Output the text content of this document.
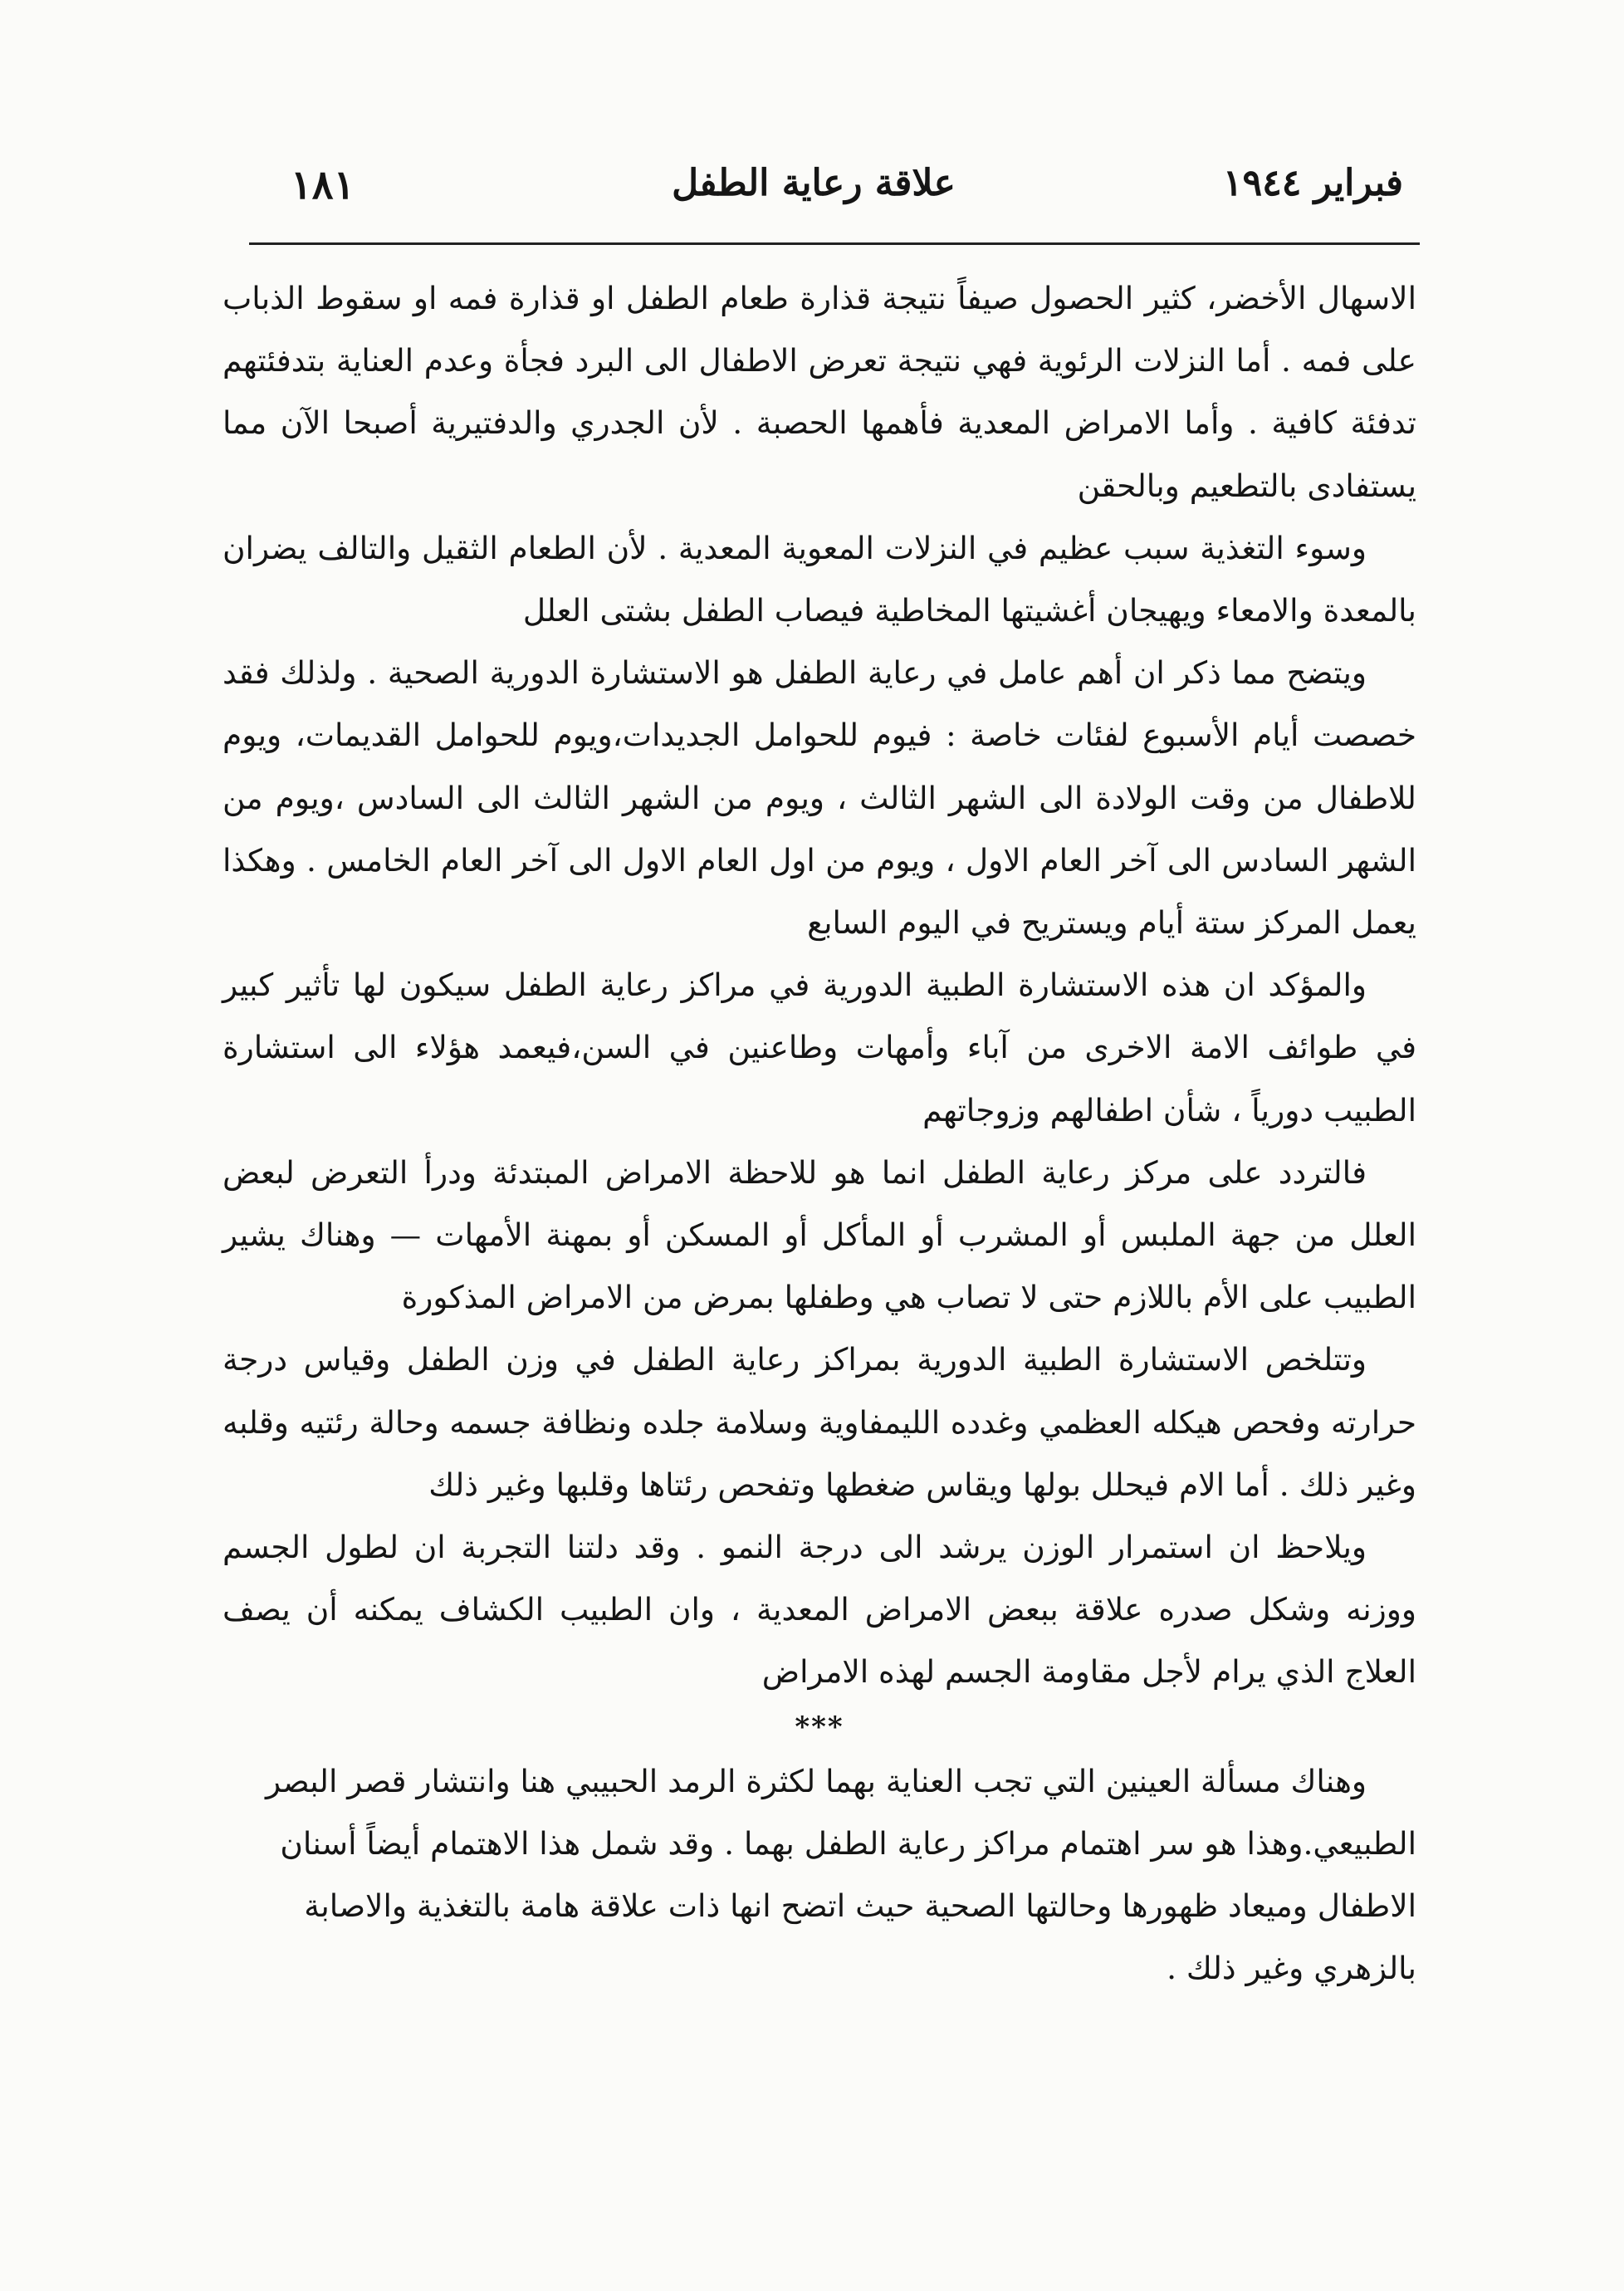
فبراير ١٩٤٤
علاقة رعاية الطفل
١٨١

الاسهال الأخضر، كثير الحصول صيفاً نتيجة قذارة طعام الطفل او قذارة فمه او سقوط الذباب على فمه . أما النزلات الرئوية فهي نتيجة تعرض الاطفال الى البرد فجأة وعدم العناية بتدفئتهم تدفئة كافية . وأما الامراض المعدية فأهمها الحصبة . لأن الجدري والدفتيرية أصبحا الآن مما يستفادى بالتطعيم وبالحقن

وسوء التغذية سبب عظيم في النزلات المعوية المعدية . لأن الطعام الثقيل والتالف يضران بالمعدة والامعاء ويهيجان أغشيتها المخاطية فيصاب الطفل بشتى العلل

ويتضح مما ذكر ان أهم عامل في رعاية الطفل هو الاستشارة الدورية الصحية . ولذلك فقد خصصت أيام الأسبوع لفئات خاصة : فيوم للحوامل الجديدات،ويوم للحوامل القديمات، ويوم للاطفال من وقت الولادة الى الشهر الثالث ، ويوم من الشهر الثالث الى السادس ،ويوم من الشهر السادس الى آخر العام الاول ، ويوم من اول العام الاول الى آخر العام الخامس . وهكذا يعمل المركز ستة أيام ويستريح في اليوم السابع

والمؤكد ان هذه الاستشارة الطبية الدورية في مراكز رعاية الطفل سيكون لها تأثير كبير في طوائف الامة الاخرى من آباء وأمهات وطاعنين في السن،فيعمد هؤلاء الى استشارة الطبيب دورياً ، شأن اطفالهم وزوجاتهم

فالتردد على مركز رعاية الطفل انما هو للاحظة الامراض المبتدئة ودرأ التعرض لبعض العلل من جهة الملبس أو المشرب أو المأكل أو المسكن أو بمهنة الأمهات — وهناك يشير الطبيب على الأم باللازم حتى لا تصاب هي وطفلها بمرض من الامراض المذكورة

وتتلخص الاستشارة الطبية الدورية بمراكز رعاية الطفل في وزن الطفل وقياس درجة حرارته وفحص هيكله العظمي وغدده الليمفاوية وسلامة جلده ونظافة جسمه وحالة رئتيه وقلبه وغير ذلك . أما الام فيحلل بولها ويقاس ضغطها وتفحص رئتاها وقلبها وغير ذلك

ويلاحظ ان استمرار الوزن يرشد الى درجة النمو . وقد دلتنا التجربة ان لطول الجسم ووزنه وشكل صدره علاقة ببعض الامراض المعدية ، وان الطبيب الكشاف يمكنه أن يصف العلاج الذي يرام لأجل مقاومة الجسم لهذه الامراض

***

وهناك مسألة العينين التي تجب العناية بهما لكثرة الرمد الحبيبي هنا وانتشار قصر البصر الطبيعي.وهذا هو سر اهتمام مراكز رعاية الطفل بهما . وقد شمل هذا الاهتمام أيضاً أسنان الاطفال وميعاد ظهورها وحالتها الصحية حيث اتضح انها ذات علاقة هامة بالتغذية والاصابة بالزهري وغير ذلك .
